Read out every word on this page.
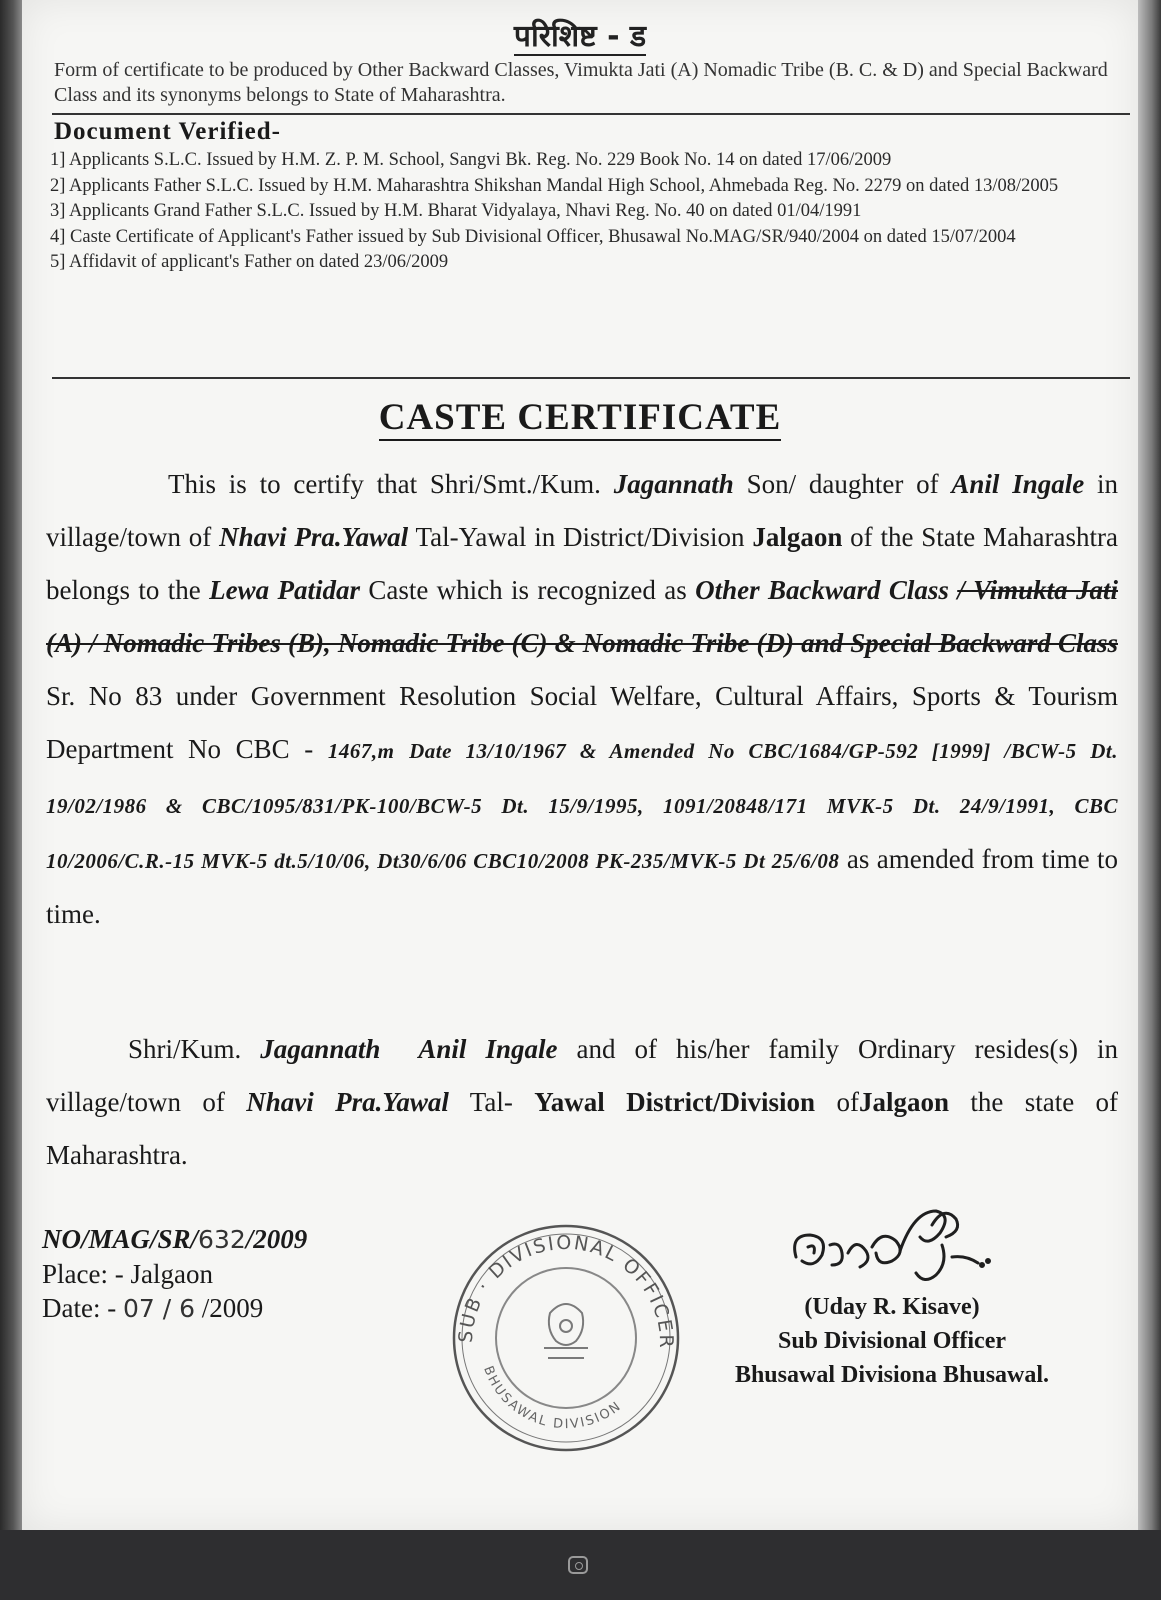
परिशिष्ट - ड
Form of certificate to be produced by Other Backward Classes, Vimukta Jati (A) Nomadic Tribe (B. C. & D) and Special Backward Class and its synonyms belongs to State of Maharashtra.
Document Verified-

1] Applicants S.L.C. Issued by H.M. Z. P. M. School, Sangvi Bk. Reg. No. 229 Book No. 14 on dated 17/06/2009

2] Applicants Father S.L.C. Issued by H.M. Maharashtra Shikshan Mandal High School, Ahmebada Reg. No. 2279 on dated 13/08/2005

3] Applicants Grand Father S.L.C. Issued by H.M. Bharat Vidyalaya, Nhavi Reg. No. 40 on dated 01/04/1991

4] Caste Certificate of Applicant's Father issued by Sub Divisional Officer, Bhusawal No.MAG/SR/940/2004 on dated 15/07/2004

5] Affidavit of applicant's Father on dated 23/06/2009

CASTE CERTIFICATE
This is to certify that Shri/Smt./Kum. Jagannath Son/ daughter of Anil Ingale in village/town of Nhavi Pra.Yawal Tal-Yawal in District/Division Jalgaon of the State Maharashtra belongs to the Lewa Patidar Caste which is recognized as Other Backward Class / Vimukta Jati (A) / Nomadic Tribes (B), Nomadic Tribe (C) & Nomadic Tribe (D) and Special Backward Class Sr. No 83 under Government Resolution Social Welfare, Cultural Affairs, Sports & Tourism Department No CBC - 1467,m Date 13/10/1967 & Amended No CBC/1684/GP-592 [1999] /BCW-5 Dt. 19/02/1986 & CBC/1095/831/PK-100/BCW-5 Dt. 15/9/1995, 1091/20848/171 MVK-5 Dt. 24/9/1991, CBC 10/2006/C.R.-15 MVK-5 dt.5/10/06, Dt30/6/06 CBC10/2008 PK-235/MVK-5 Dt 25/6/08 as amended from time to time.
Shri/Kum. Jagannath Anil Ingale and of his/her family Ordinary resides(s) in village/town of Nhavi Pra.Yawal Tal- Yawal District/Division ofJalgaon the state of Maharashtra.
NO/MAG/SR/632/2009
Place: - Jalgaon
Date: - 07 / 6 /2009
SUB · DIVISIONAL OFFICER
BHUSAWAL DIVISION
(Uday R. Kisave)
Sub Divisional Officer
Bhusawal Divisiona Bhusawal.
